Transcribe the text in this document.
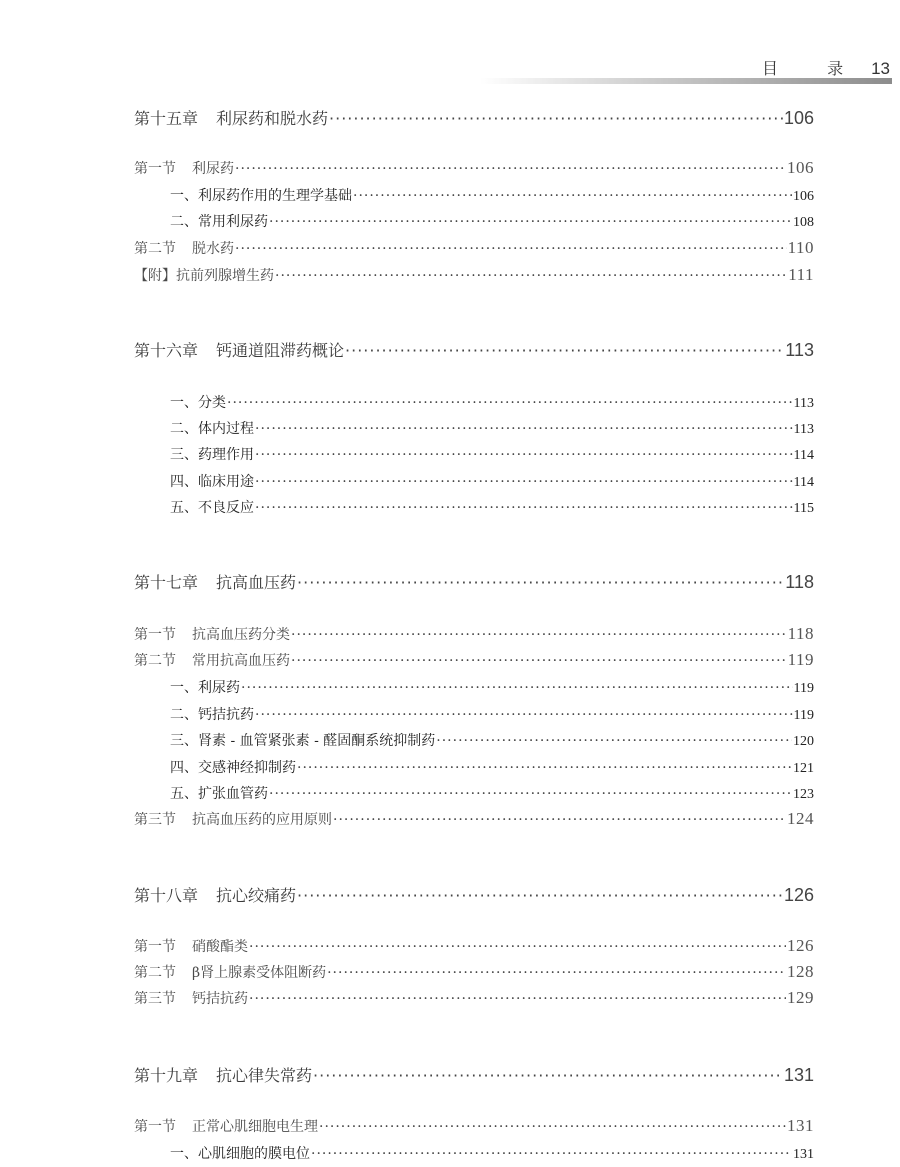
目 录 13
第十五章 利尿药和脱水药 ·····	106
第一节 利尿药 ·····	106
一、利尿药作用的生理学基础 ·····	106
二、常用利尿药 ·····	108
第二节 脱水药 ·····	110
【附】抗前列腺增生药 ·····	111
第十六章 钙通道阻滞药概论 ·····	113
一、分类 ·····	113
二、体内过程 ·····	113
三、药理作用 ·····	114
四、临床用途 ·····	114
五、不良反应 ·····	115
第十七章 抗高血压药 ·····	118
第一节 抗高血压药分类 ·····	118
第二节 常用抗高血压药 ·····	119
一、利尿药 ·····	119
二、钙拮抗药 ·····	119
三、肾素 - 血管紧张素 - 醛固酮系统抑制药 ·····	120
四、交感神经抑制药 ·····	121
五、扩张血管药 ·····	123
第三节 抗高血压药的应用原则 ·····	124
第十八章 抗心绞痛药 ·····	126
第一节 硝酸酯类 ·····	126
第二节 β肾上腺素受体阻断药 ·····	128
第三节 钙拮抗药 ·····	129
第十九章 抗心律失常药 ·····	131
第一节 正常心肌细胞电生理 ·····	131
一、心肌细胞的膜电位 ·····	131
